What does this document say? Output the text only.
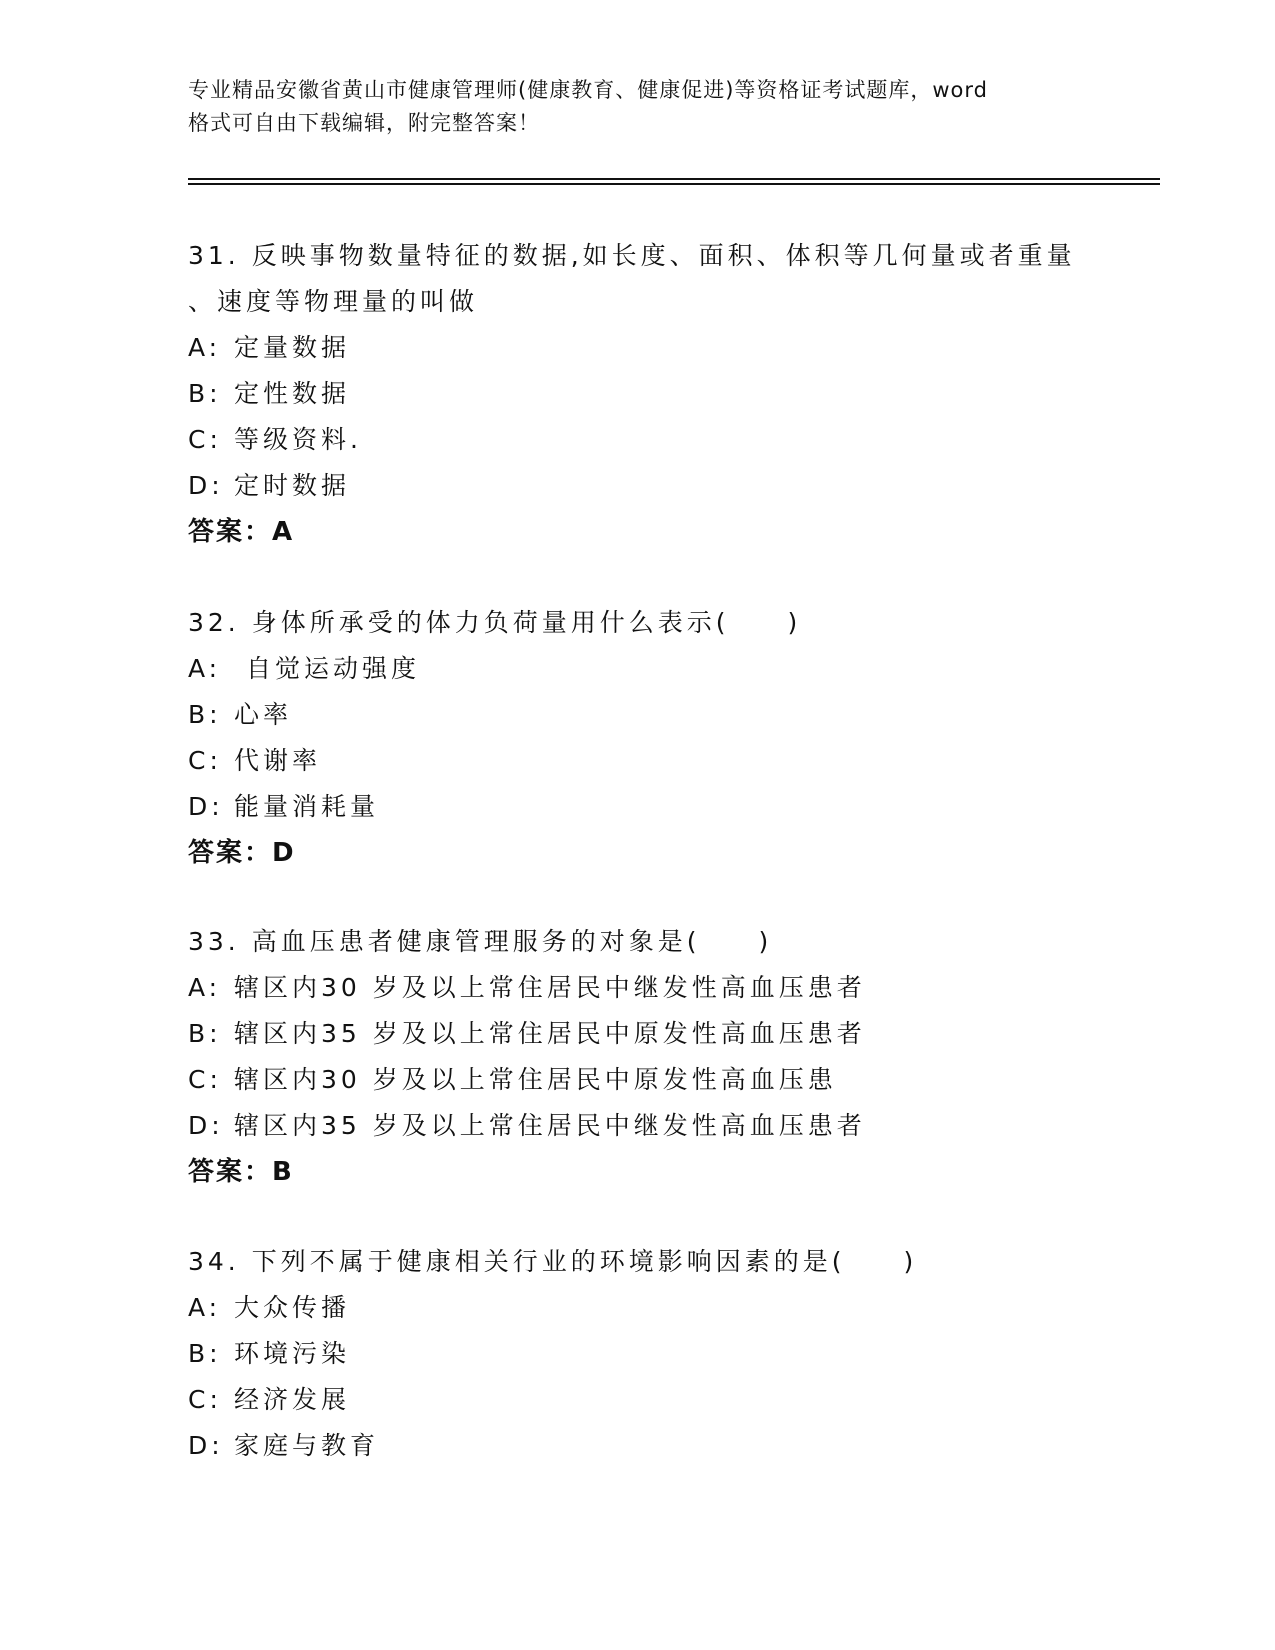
专业精品安徽省黄山市健康管理师(健康教育、健康促进)等资格证考试题库，word
格式可自由下载编辑，附完整答案！
31. 反映事物数量特征的数据,如长度、面积、体积等几何量或者重量
、速度等物理量的叫做
A: 定量数据
B: 定性数据
C: 等级资料.
D: 定时数据
答案：A
32. 身体所承受的体力负荷量用什么表示(　　)
A: 自觉运动强度
B: 心率
C: 代谢率
D: 能量消耗量
答案：D
33. 高血压患者健康管理服务的对象是(　　)
A: 辖区内30 岁及以上常住居民中继发性高血压患者
B: 辖区内35 岁及以上常住居民中原发性高血压患者
C: 辖区内30 岁及以上常住居民中原发性高血压患
D: 辖区内35 岁及以上常住居民中继发性高血压患者
答案：B
34. 下列不属于健康相关行业的环境影响因素的是(　　)
A: 大众传播
B: 环境污染
C: 经济发展
D: 家庭与教育
